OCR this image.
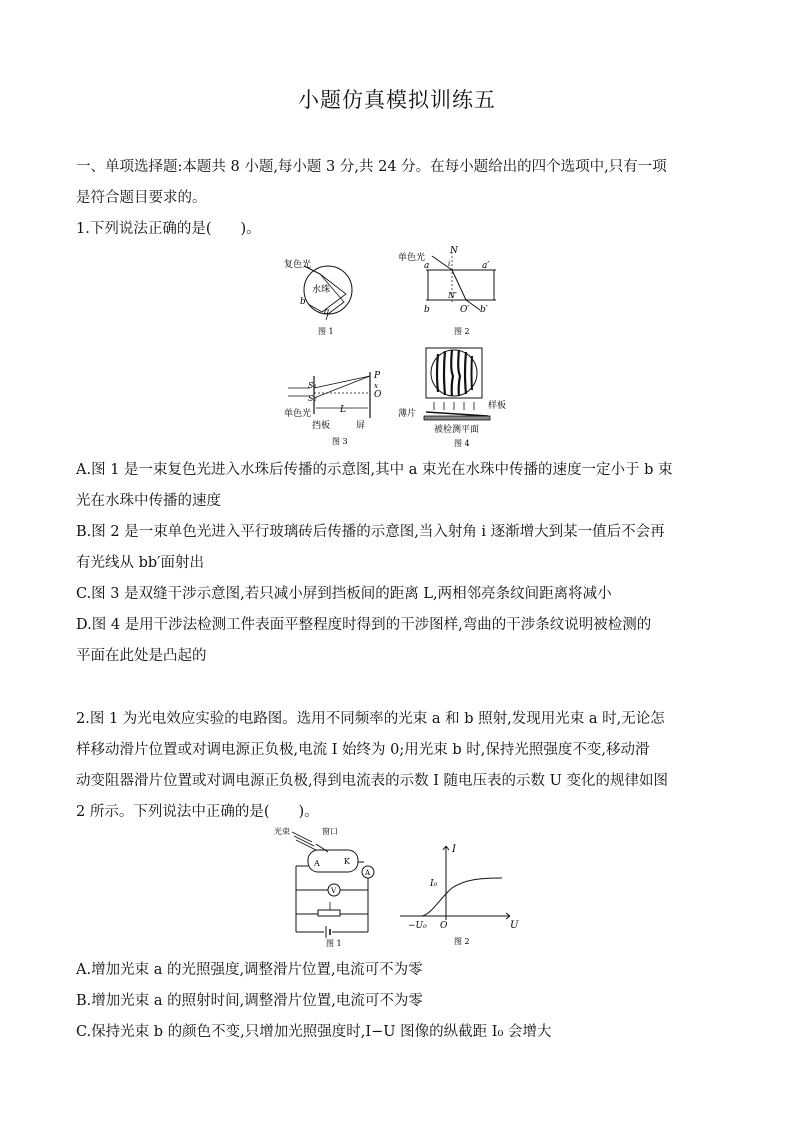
小题仿真模拟训练五
一、单项选择题:本题共 8 小题,每小题 3 分,共 24 分。在每小题给出的四个选项中,只有一项
是符合题目要求的。
1.下列说法正确的是(　　)。
复色光
水珠
b
a
图 1
单色光
N
i
a	a′
N′
b	O′ b′
图 2
S₁
S₂
P
x
O
L
单色光
挡板	屏
图 3
薄片
样板
被检测平面
图 4
A.图 1 是一束复色光进入水珠后传播的示意图,其中 a 束光在水珠中传播的速度一定小于 b 束
光在水珠中传播的速度
B.图 2 是一束单色光进入平行玻璃砖后传播的示意图,当入射角 i 逐渐增大到某一值后不会再
有光线从 bb′面射出
C.图 3 是双缝干涉示意图,若只减小屏到挡板间的距离 L,两相邻亮条纹间距离将减小
D.图 4 是用干涉法检测工件表面平整程度时得到的干涉图样,弯曲的干涉条纹说明被检测的
平面在此处是凸起的
2.图 1 为光电效应实验的电路图。选用不同频率的光束 a 和 b 照射,发现用光束 a 时,无论怎
样移动滑片位置或对调电源正负极,电流 I 始终为 0;用光束 b 时,保持光照强度不变,移动滑
动变阻器滑片位置或对调电源正负极,得到电流表的示数 I 随电压表的示数 U 变化的规律如图
2 所示。下列说法中正确的是(　　)。
光束	窗口
A	K
V
A
图 1
I
I₀
−U₀ O	U
图 2
A.增加光束 a 的光照强度,调整滑片位置,电流可不为零
B.增加光束 a 的照射时间,调整滑片位置,电流可不为零
C.保持光束 b 的颜色不变,只增加光照强度时,I−U 图像的纵截距 I₀ 会增大
